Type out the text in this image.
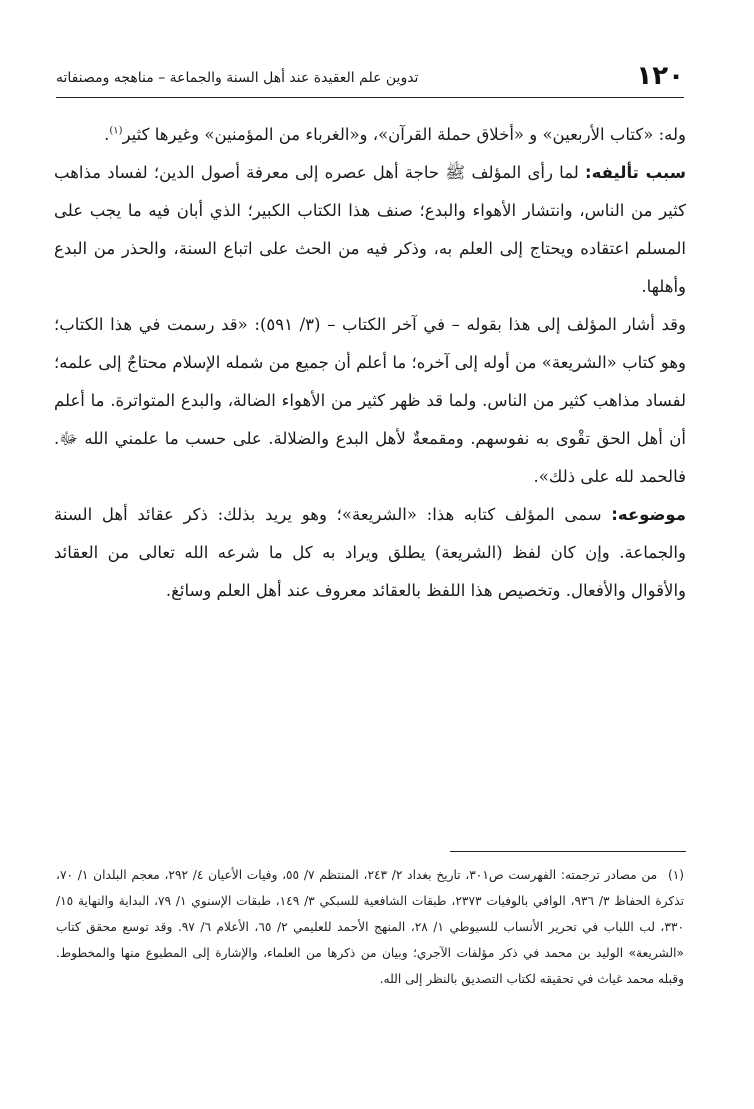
١٢٠
تدوين علم العقيدة عند أهل السنة والجماعة – مناهجه ومصنفاته

وله: «كتاب الأربعين» و «أخلاق حملة القرآن»، و«الغرباء من المؤمنين» وغيرها كثير$^{(١)}$.

سبب تأليفه: لما رأى المؤلف ﷺ حاجة أهل عصره إلى معرفة أصول الدين؛ لفساد مذاهب كثير من الناس، وانتشار الأهواء والبدع؛ صنف هذا الكتاب الكبير؛ الذي أبان فيه ما يجب على المسلم اعتقاده ويحتاج إلى العلم به، وذكر فيه من الحث على اتباع السنة، والحذر من البدع وأهلها.

وقد أشار المؤلف إلى هذا بقوله – في آخر الكتاب – (٣/ ٥٩١): «قد رسمت في هذا الكتاب؛ وهو كتاب «الشريعة» من أوله إلى آخره؛ ما أعلم أن جميع من شمله الإسلام محتاجٌ إلى علمه؛ لفساد مذاهب كثير من الناس. ولما قد ظهر كثير من الأهواء الضالة، والبدع المتواترة. ما أعلم أن أهل الحق تقْوى به نفوسهم. ومقمعةٌ لأهل البدع والضلالة. على حسب ما علمني الله ﷻ. فالحمد لله على ذلك».

موضوعه: سمى المؤلف كتابه هذا: «الشريعة»؛ وهو يريد بذلك: ذكر عقائد أهل السنة والجماعة. وإن كان لفظ (الشريعة) يطلق ويراد به كل ما شرعه الله تعالى من العقائد والأقوال والأفعال. وتخصيص هذا اللفظ بالعقائد معروف عند أهل العلم وسائغ.

(١) من مصادر ترجمته: الفهرست ص٣٠١، تاريخ بغداد ٢/ ٢٤٣، المنتظم ٧/ ٥٥، وفيات الأعيان ٤/ ٢٩٢، معجم البلدان ١/ ٧٠، تذكرة الحفاظ ٣/ ٩٣٦، الوافي بالوفيات ٢٣٧٣، طبقات الشافعية للسبكي ٣/ ١٤٩، طبقات الإسنوي ١/ ٧٩، البداية والنهاية ١٥/ ٣٣٠، لب اللباب في تحرير الأنساب للسيوطي ١/ ٢٨، المنهج الأحمد للعليمي ٢/ ٦٥، الأعلام ٦/ ٩٧. وقد توسع محقق كتاب «الشريعة» الوليد بن محمد في ذكر مؤلفات الآجري؛ وبيان من ذكرها من العلماء، والإشارة إلى المطبوع منها والمخطوط. وقبله محمد غياث في تحقيقه لكتاب التصديق بالنظر إلى الله.
